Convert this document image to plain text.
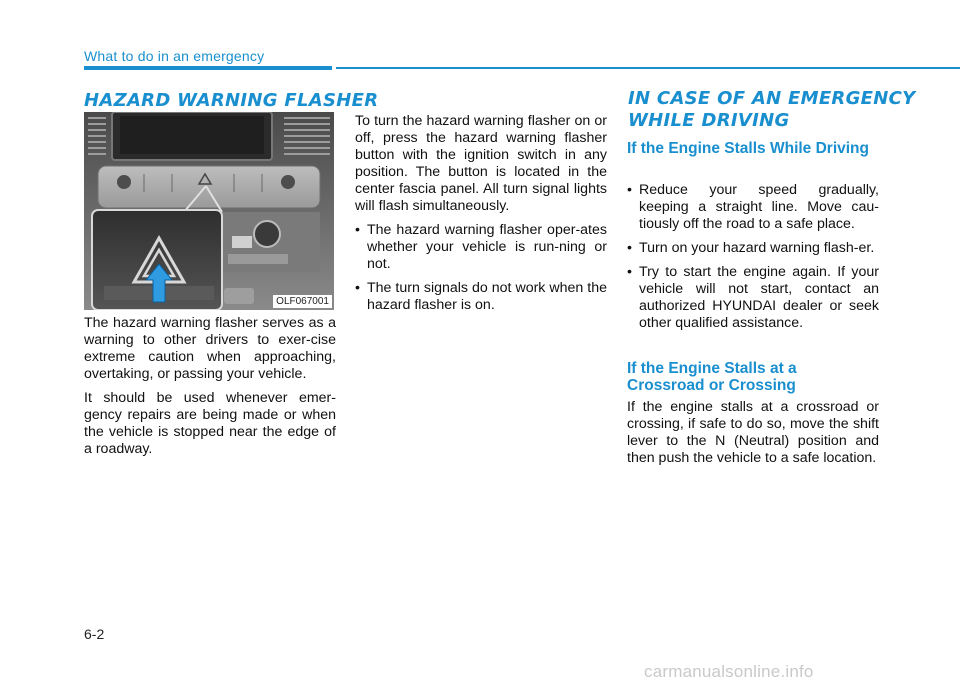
What to do in an emergency
HAZARD WARNING FLASHER
OLF067001

The hazard warning flasher serves as a warning to other drivers to exer-cise extreme caution when approaching, overtaking, or passing your vehicle.

It should be used whenever emer-gency repairs are being made or when the vehicle is stopped near the edge of a roadway.

To turn the hazard warning flasher on or off, press the hazard warning flasher button with the ignition switch in any position. The button is located in the center fascia panel. All turn signal lights will flash simultaneously.

• The hazard warning flasher oper-ates whether your vehicle is run-ning or not.
• The turn signals do not work when the hazard flasher is on.
IN CASE OF AN EMERGENCY
WHILE DRIVING
If the Engine Stalls While Driving
• Reduce your speed gradually, keeping a straight line. Move cau-tiously off the road to a safe place.
• Turn on your hazard warning flash-er.
• Try to start the engine again. If your vehicle will not start, contact an authorized HYUNDAI dealer or seek other qualified assistance.
If the Engine Stalls at a Crossroad or Crossing

If the engine stalls at a crossroad or crossing, if safe to do so, move the shift lever to the N (Neutral) position and then push the vehicle to a safe location.

6-2
carmanualsonline.info
